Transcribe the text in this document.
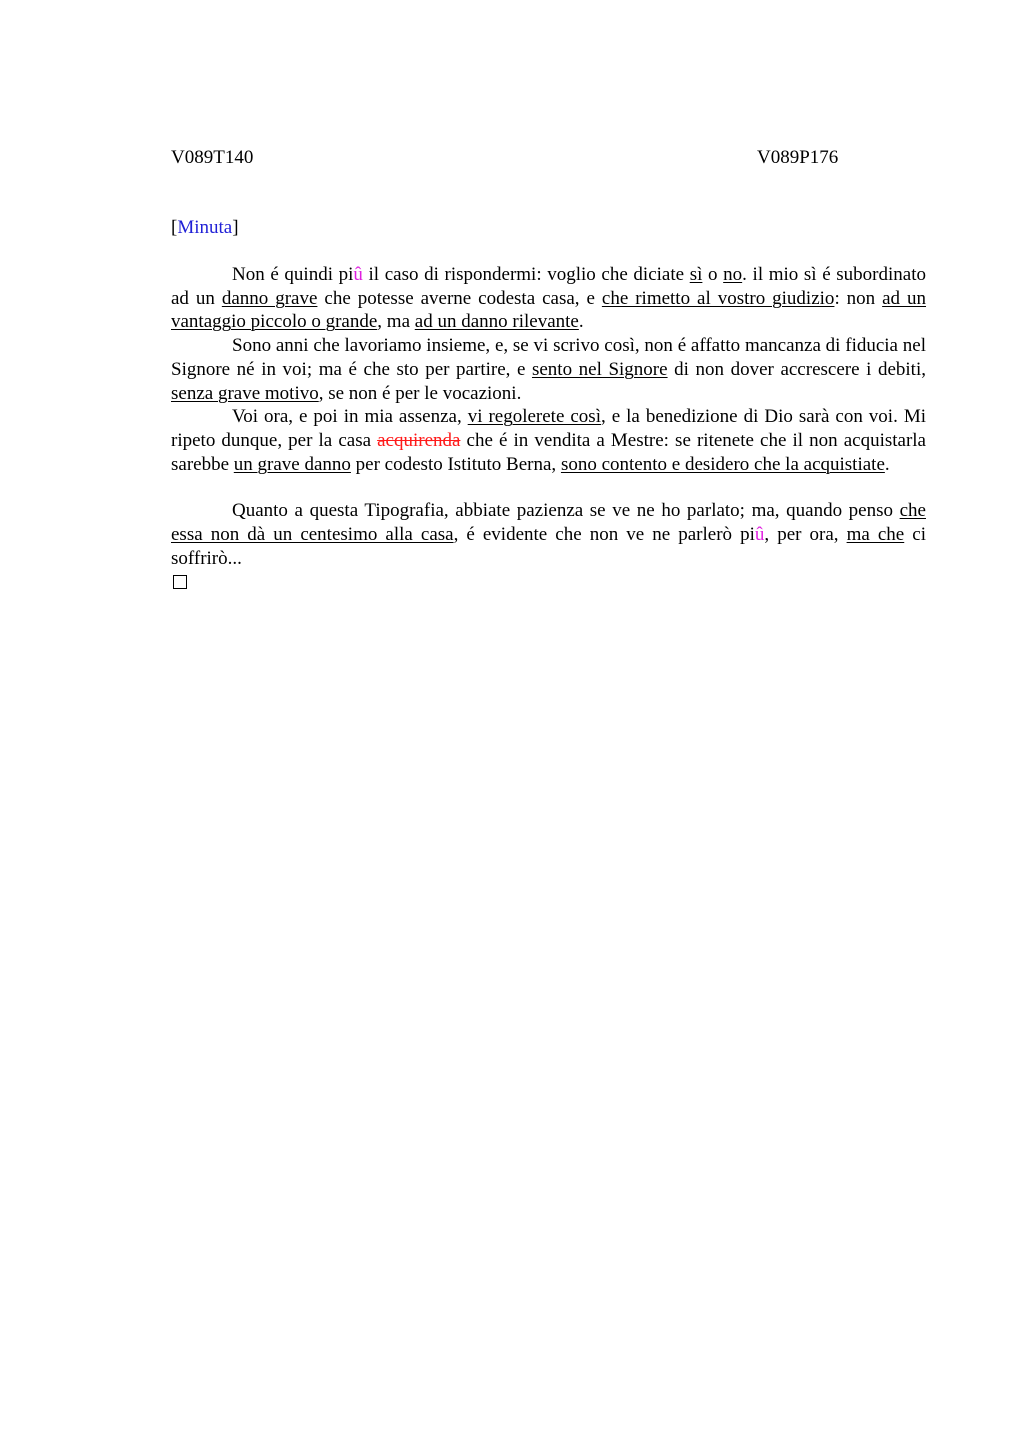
V089T140	V089P176
[Minuta]

Non é quindi piû il caso di rispondermi: voglio che diciate sì o no. il mio sì é subordinato ad un danno grave che potesse averne codesta casa, e che rimetto al vostro giudizio: non ad un vantaggio piccolo o grande, ma ad un danno rilevante.

Sono anni che lavoriamo insieme, e, se vi scrivo così, non é affatto mancanza di fiducia nel Signore né in voi; ma é che sto per partire, e sento nel Signore di non dover accrescere i debiti, senza grave motivo, se non é per le vocazioni.

Voi ora, e poi in mia assenza, vi regolerete così, e la benedizione di Dio sarà con voi. Mi ripeto dunque, per la casa acquirenda che é in vendita a Mestre: se ritenete che il non acquistarla sarebbe un grave danno per codesto Istituto Berna, sono contento e desidero che la acquistiate.

Quanto a questa Tipografia, abbiate pazienza se ve ne ho parlato; ma, quando penso che essa non dà un centesimo alla casa, é evidente che non ve ne parlerò piû, per ora, ma che ci soffrirò...
